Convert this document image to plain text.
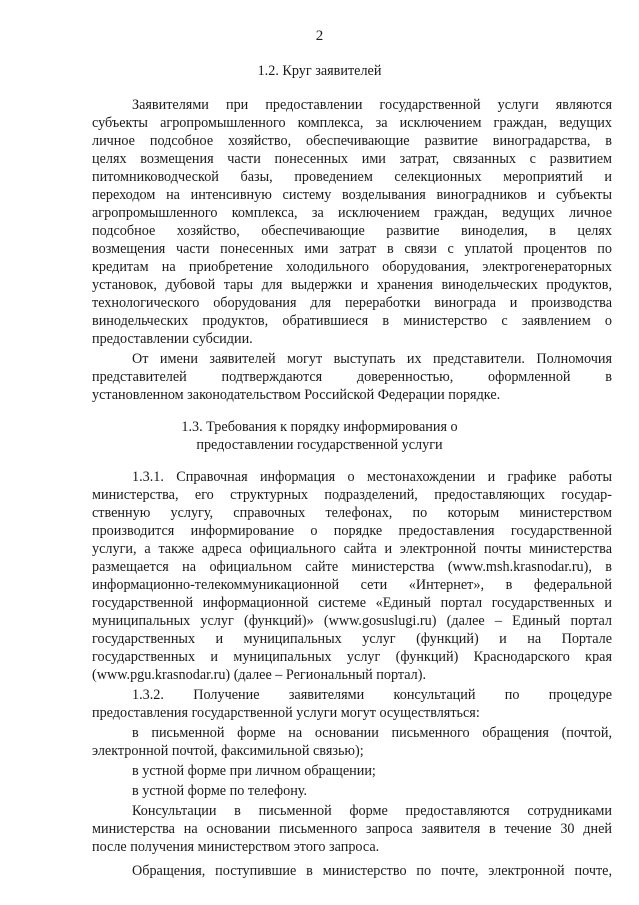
2
1.2. Круг заявителей
Заявителями при предоставлении государственной услуги являются
субъекты агропромышленного комплекса, за исключением граждан, ведущих
личное подсобное хозяйство, обеспечивающие развитие виноградарства, в
целях возмещения части понесенных ими затрат, связанных с развитием
питомниководческой базы, проведением селекционных мероприятий и
переходом на интенсивную систему возделывания виноградников и субъекты
агропромышленного комплекса, за исключением граждан, ведущих личное
подсобное хозяйство, обеспечивающие развитие виноделия, в целях
возмещения части понесенных ими затрат в связи с уплатой процентов по
кредитам на приобретение холодильного оборудования, электрогенераторных
установок, дубовой тары для выдержки и хранения винодельческих продуктов,
технологического оборудования для переработки винограда и производства
винодельческих продуктов, обратившиеся в министерство с заявлением о
предоставлении субсидии.
От имени заявителей могут выступать их представители. Полномочия
представителей подтверждаются доверенностью, оформленной в
установленном законодательством Российской Федерации порядке.
1.3. Требования к порядку информирования о
предоставлении государственной услуги
1.3.1. Справочная информация о местонахождении и графике работы
министерства, его структурных подразделений, предоставляющих государ-
ственную услугу, справочных телефонах, по которым министерством
производится информирование о порядке предоставления государственной
услуги, а также адреса официального сайта и электронной почты министерства
размещается на официальном сайте министерства (www.msh.krasnodar.ru), в
информационно-телекоммуникационной сети «Интернет», в федеральной
государственной информационной системе «Единый портал государственных и
муниципальных услуг (функций)» (www.gosuslugi.ru) (далее – Единый портал
государственных и муниципальных услуг (функций) и на Портале
государственных и муниципальных услуг (функций) Краснодарского края
(www.pgu.krasnodar.ru) (далее – Региональный портал).
1.3.2. Получение заявителями консультаций по процедуре
предоставления государственной услуги могут осуществляться:
в письменной форме на основании письменного обращения (почтой,
электронной почтой, факсимильной связью);
в устной форме при личном обращении;
в устной форме по телефону.
Консультации в письменной форме предоставляются сотрудниками
министерства на основании письменного запроса заявителя в течение 30 дней
после получения министерством этого запроса.
Обращения, поступившие в министерство по почте, электронной почте,
